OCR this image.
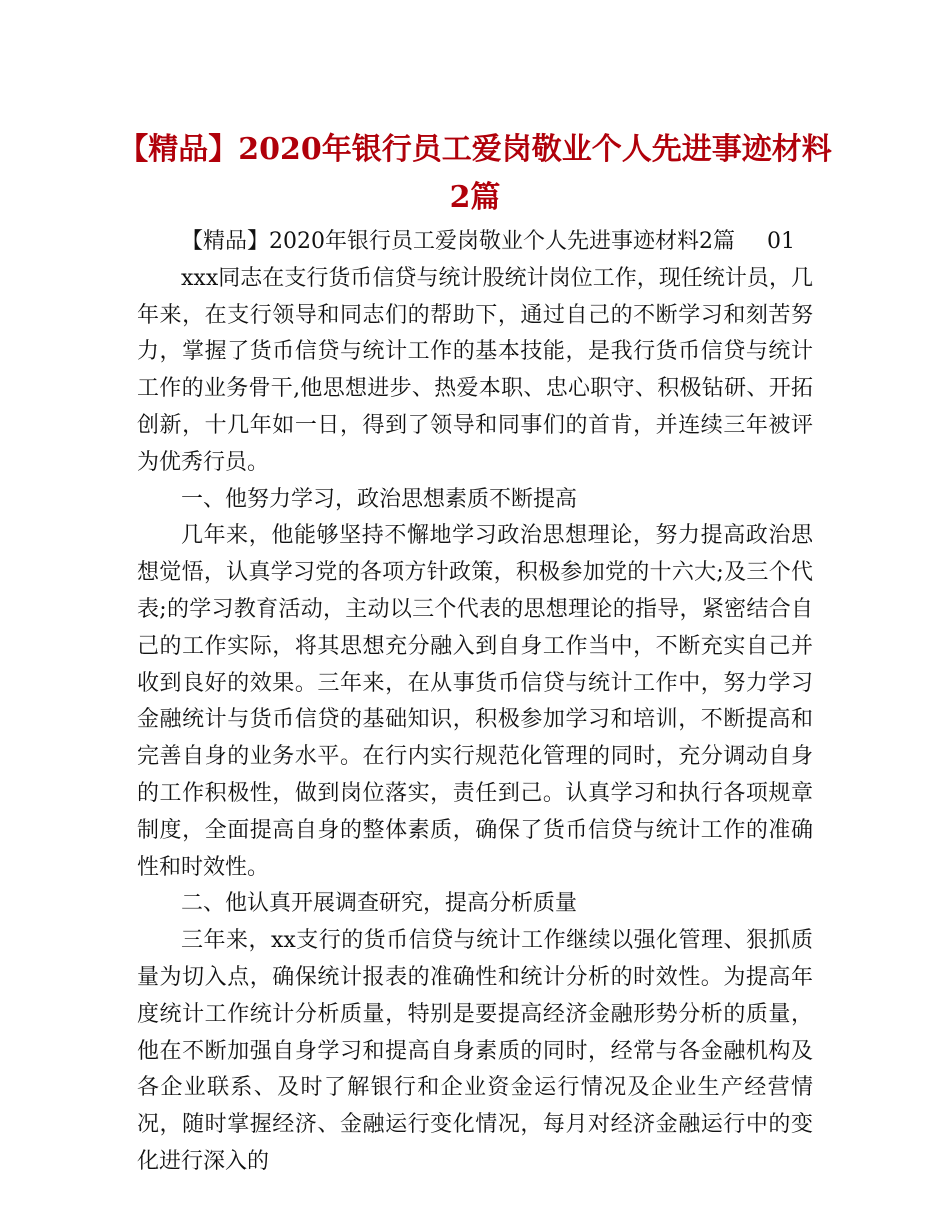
【精品】2020年银行员工爱岗敬业个人先进事迹材料2篇

【精品】2020年银行员工爱岗敬业个人先进事迹材料2篇 01

xxx同志在支行货币信贷与统计股统计岗位工作，现任统计员，几年来，在支行领导和同志们的帮助下，通过自己的不断学习和刻苦努力，掌握了货币信贷与统计工作的基本技能，是我行货币信贷与统计工作的业务骨干,他思想进步、热爱本职、忠心职守、积极钻研、开拓创新，十几年如一日，得到了领导和同事们的首肯，并连续三年被评为优秀行员。

一、他努力学习，政治思想素质不断提高

几年来，他能够坚持不懈地学习政治思想理论，努力提高政治思想觉悟，认真学习党的各项方针政策，积极参加党的十六大;及三个代表;的学习教育活动，主动以三个代表的思想理论的指导，紧密结合自己的工作实际，将其思想充分融入到自身工作当中，不断充实自己并收到良好的效果。三年来，在从事货币信贷与统计工作中，努力学习金融统计与货币信贷的基础知识，积极参加学习和培训，不断提高和完善自身的业务水平。在行内实行规范化管理的同时，充分调动自身的工作积极性，做到岗位落实，责任到己。认真学习和执行各项规章制度，全面提高自身的整体素质，确保了货币信贷与统计工作的准确性和时效性。

二、他认真开展调查研究，提高分析质量

三年来，xx支行的货币信贷与统计工作继续以强化管理、狠抓质量为切入点，确保统计报表的准确性和统计分析的时效性。为提高年度统计工作统计分析质量，特别是要提高经济金融形势分析的质量，他在不断加强自身学习和提高自身素质的同时，经常与各金融机构及各企业联系、及时了解银行和企业资金运行情况及企业生产经营情况，随时掌握经济、金融运行变化情况，每月对经济金融运行中的变化进行深入的
